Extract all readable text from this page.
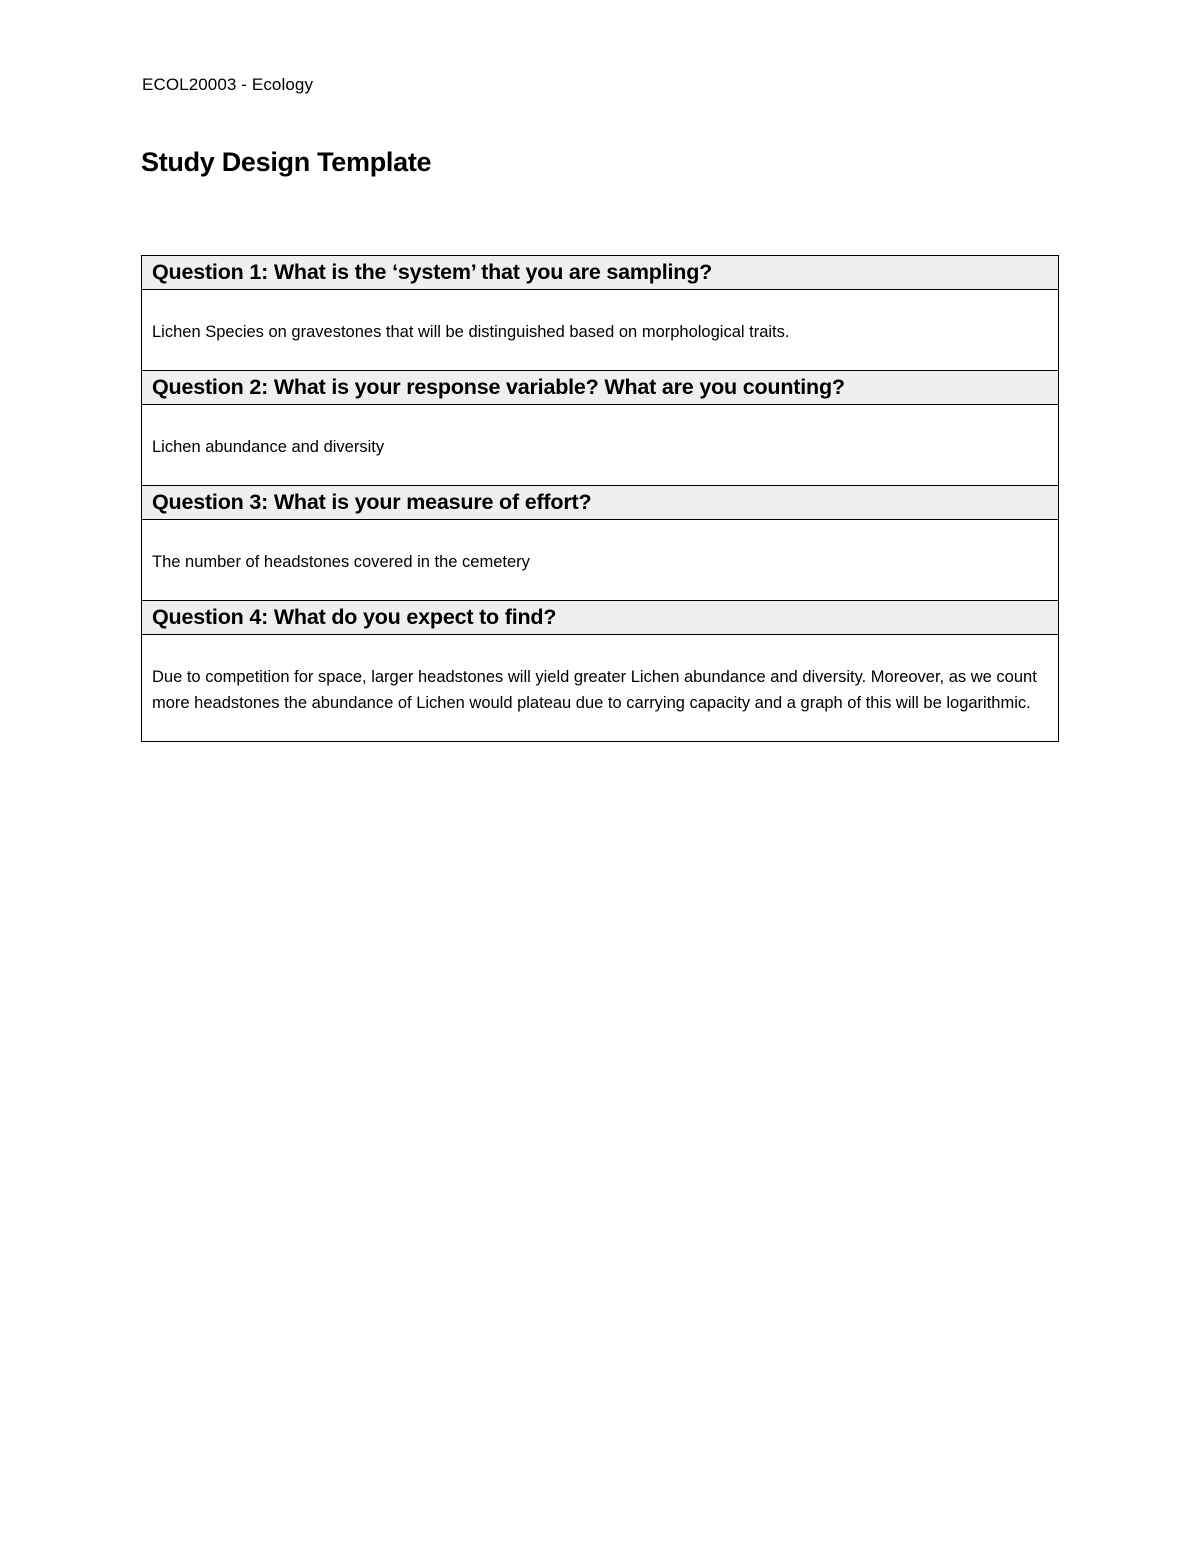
ECOL20003 - Ecology
Study Design Template
Question 1: What is the ‘system’ that you are sampling?

Lichen Species on gravestones that will be distinguished based on morphological traits.

Question 2: What is your response variable? What are you counting?

Lichen abundance and diversity

Question 3: What is your measure of effort?

The number of headstones covered in the cemetery

Question 4: What do you expect to find?

Due to competition for space, larger headstones will yield greater Lichen abundance and diversity. Moreover, as we count more headstones the abundance of Lichen would plateau due to carrying capacity and a graph of this will be logarithmic.
